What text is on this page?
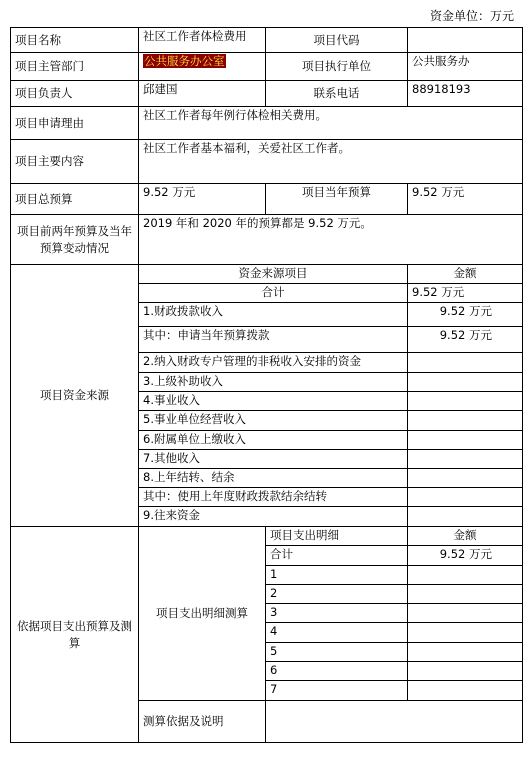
资金单位：万元
项目名称	社区工作者体检费用	项目代码	
项目主管部门	公共服务办公室	项目执行单位	公共服务办
项目负责人	邱建国	联系电话	88918193
项目申请理由	社区工作者每年例行体检相关费用。		
项目主要内容	社区工作者基本福利，关爱社区工作者。		
项目总预算	9.52 万元	项目当年预算	9.52 万元
项目前两年预算及当年预算变动情况	2019 年和 2020 年的预算都是 9.52 万元。		
项目资金来源	资金来源项目		金额
	合计		9.52 万元
	1.财政拨款收入		9.52 万元
	其中：申请当年预算拨款		9.52 万元
	2.纳入财政专户管理的非税收入安排的资金		
	3.上级补助收入		
	4.事业收入		
	5.事业单位经营收入		
	6.附属单位上缴收入		
	7.其他收入		
	8.上年结转、结余		
	其中：使用上年度财政拨款结余结转		
	9.往来资金		
依据项目支出预算及测算	项目支出明细测算	项目支出明细	金额
		合计	9.52 万元
		1	
		2	
		3	
		4	
		5	
		6	
		7	
	测算依据及说明		
